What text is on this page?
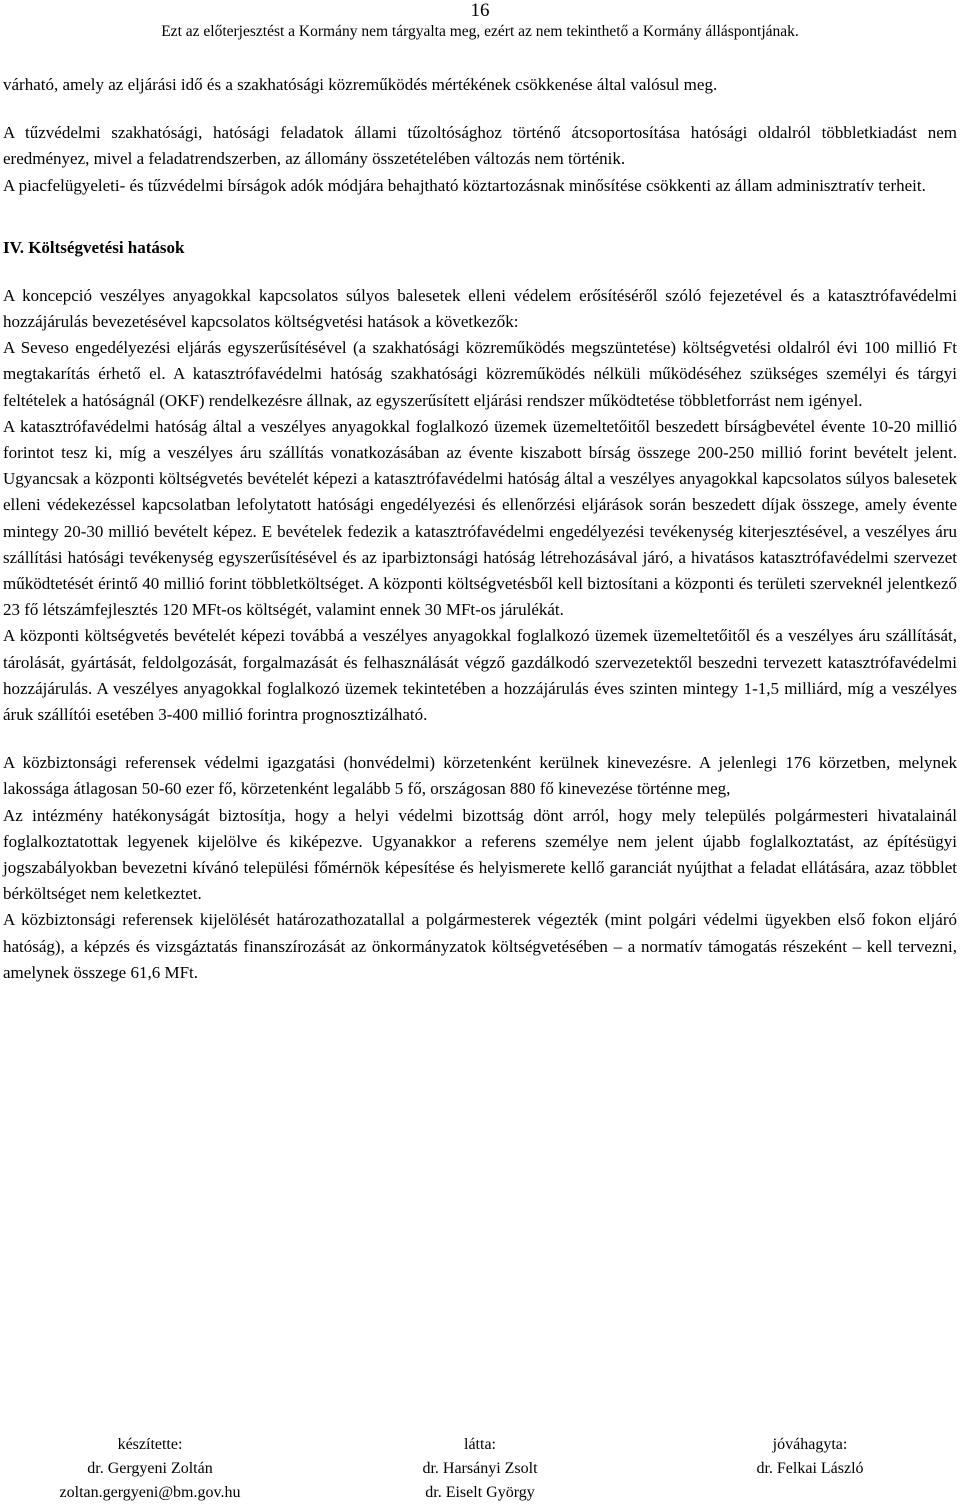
16
Ezt az előterjesztést a Kormány nem tárgyalta meg, ezért az nem tekinthető a Kormány álláspontjának.

várható, amely az eljárási idő és a szakhatósági közreműködés mértékének csökkenése által valósul meg.

A tűzvédelmi szakhatósági, hatósági feladatok állami tűzoltósághoz történő átcsoportosítása hatósági oldalról többletkiadást nem eredményez, mivel a feladatrendszerben, az állomány összetételében változás nem történik.

A piacfelügyeleti- és tűzvédelmi bírságok adók módjára behajtható köztartozásnak minősítése csökkenti az állam adminisztratív terheit.

IV. Költségvetési hatások

A koncepció veszélyes anyagokkal kapcsolatos súlyos balesetek elleni védelem erősítéséről szóló fejezetével és a katasztrófavédelmi hozzájárulás bevezetésével kapcsolatos költségvetési hatások a következők:

A Seveso engedélyezési eljárás egyszerűsítésével (a szakhatósági közreműködés megszüntetése) költségvetési oldalról évi 100 millió Ft megtakarítás érhető el. A katasztrófavédelmi hatóság szakhatósági közreműködés nélküli működéséhez szükséges személyi és tárgyi feltételek a hatóságnál (OKF) rendelkezésre állnak, az egyszerűsített eljárási rendszer működtetése többletforrást nem igényel.

A katasztrófavédelmi hatóság által a veszélyes anyagokkal foglalkozó üzemek üzemeltetőitől beszedett bírságbevétel évente 10-20 millió forintot tesz ki, míg a veszélyes áru szállítás vonatkozásában az évente kiszabott bírság összege 200-250 millió forint bevételt jelent. Ugyancsak a központi költségvetés bevételét képezi a katasztrófavédelmi hatóság által a veszélyes anyagokkal kapcsolatos súlyos balesetek elleni védekezéssel kapcsolatban lefolytatott hatósági engedélyezési és ellenőrzési eljárások során beszedett díjak összege, amely évente mintegy 20-30 millió bevételt képez. E bevételek fedezik a katasztrófavédelmi engedélyezési tevékenység kiterjesztésével, a veszélyes áru szállítási hatósági tevékenység egyszerűsítésével és az iparbiztonsági hatóság létrehozásával járó, a hivatásos katasztrófavédelmi szervezet működtetését érintő 40 millió forint többletköltséget. A központi költségvetésből kell biztosítani a központi és területi szerveknél jelentkező 23 fő létszámfejlesztés 120 MFt-os költségét, valamint ennek 30 MFt-os járulékát.

A központi költségvetés bevételét képezi továbbá a veszélyes anyagokkal foglalkozó üzemek üzemeltetőitől és a veszélyes áru szállítását, tárolását, gyártását, feldolgozását, forgalmazását és felhasználását végző gazdálkodó szervezetektől beszedni tervezett katasztrófavédelmi hozzájárulás. A veszélyes anyagokkal foglalkozó üzemek tekintetében a hozzájárulás éves szinten mintegy 1-1,5 milliárd, míg a veszélyes áruk szállítói esetében 3-400 millió forintra prognosztizálható.

A közbiztonsági referensek védelmi igazgatási (honvédelmi) körzetenként kerülnek kinevezésre. A jelenlegi 176 körzetben, melynek lakossága átlagosan 50-60 ezer fő, körzetenként legalább 5 fő, országosan 880 fő kinevezése történne meg,

Az intézmény hatékonyságát biztosítja, hogy a helyi védelmi bizottság dönt arról, hogy mely település polgármesteri hivatalainál foglalkoztatottak legyenek kijelölve és kiképezve. Ugyanakkor a referens személye nem jelent újabb foglalkoztatást, az építésügyi jogszabályokban bevezetni kívánó települési főmérnök képesítése és helyismerete kellő garanciát nyújthat a feladat ellátására, azaz többlet bérköltséget nem keletkeztet.

A közbiztonsági referensek kijelölését határozathozatallal a polgármesterek végezték (mint polgári védelmi ügyekben első fokon eljáró hatóság), a képzés és vizsgáztatás finanszírozását az önkormányzatok költségvetésében – a normatív támogatás részeként – kell tervezni, amelynek összege 61,6 MFt.

készítette:
dr. Gergyeni Zoltán
zoltan.gergyeni@bm.gov.hu
látta:
dr. Harsányi Zsolt
dr. Eiselt György
jóváhagyta:
dr. Felkai László
